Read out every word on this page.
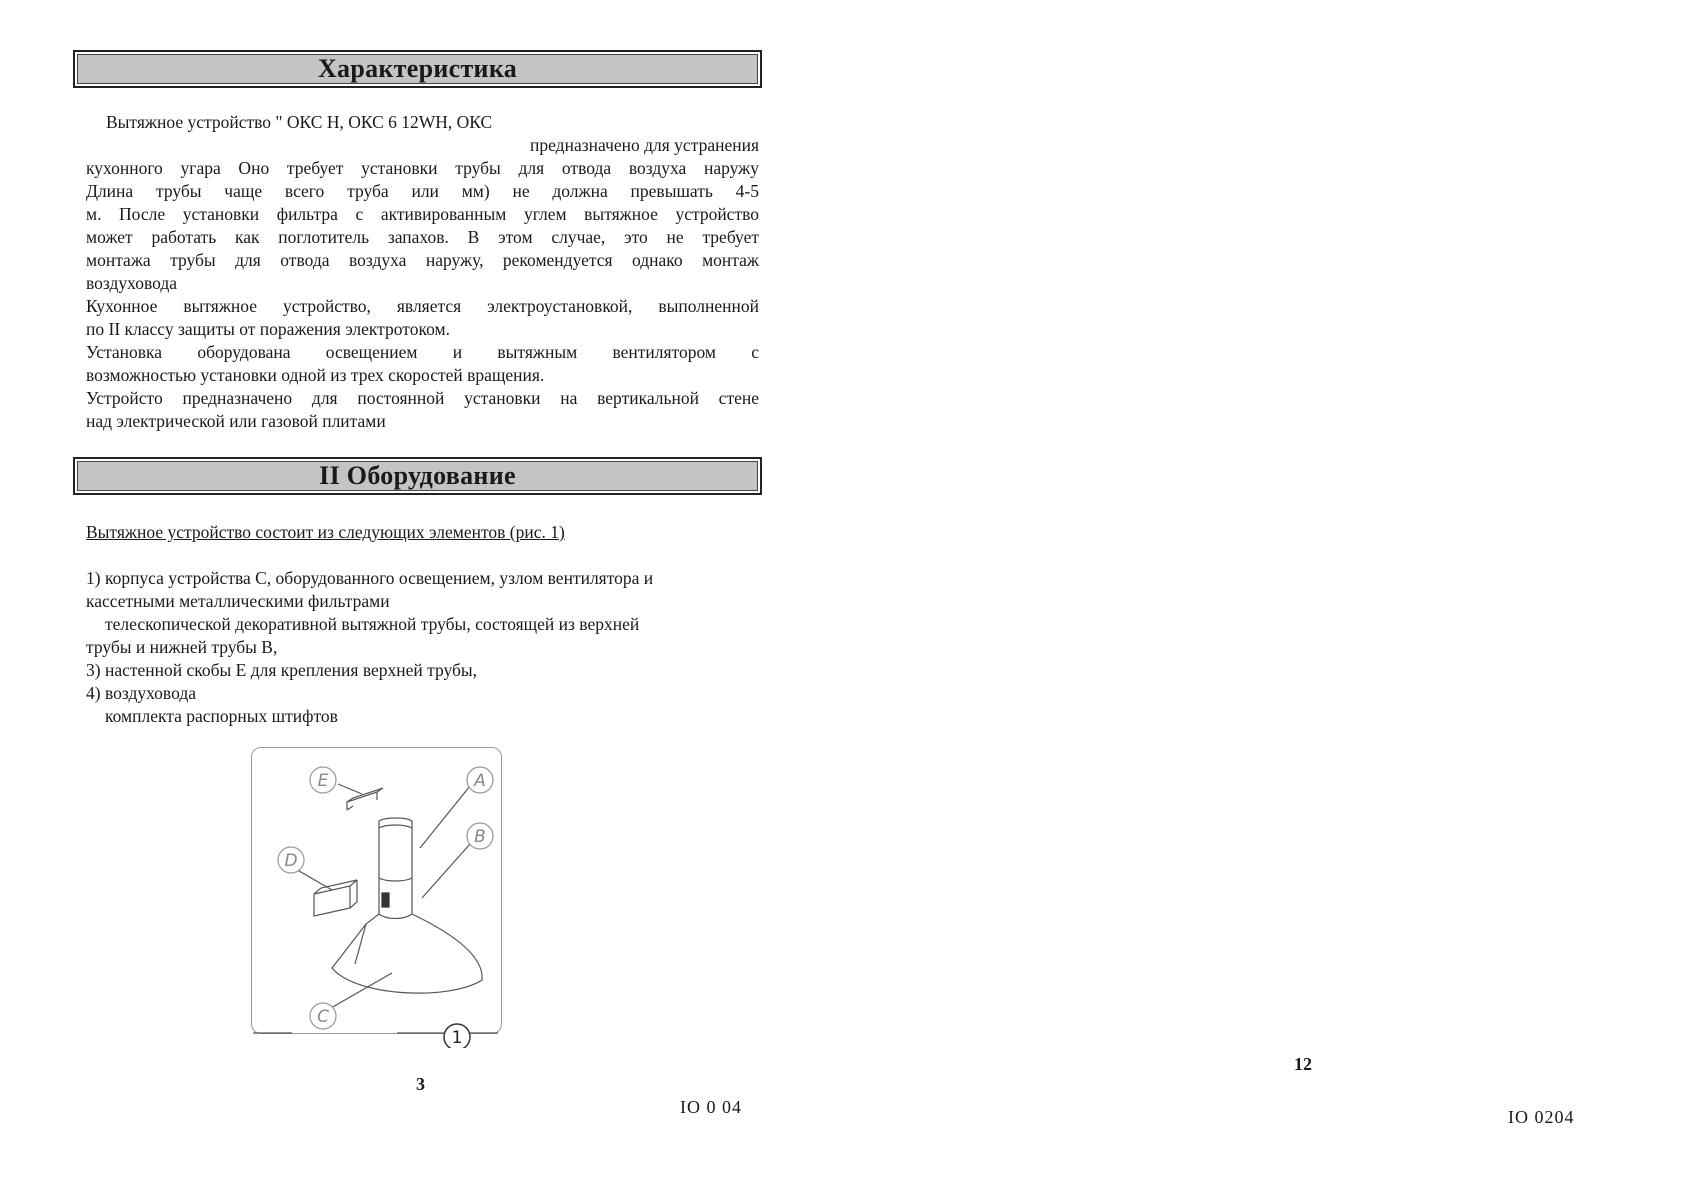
Характеристика
Вытяжное устройство " ОКС Н, ОКС 6 12WH, ОКС
предназначено для устранения
кухонного угара Оно требует установки трубы для отвода воздуха наружу
Длина трубы чаще всего труба или мм) не должна превышать 4-5
м. После установки фильтра с активированным углем вытяжное устройство
может работать как поглотитель запахов. В этом случае, это не требует
монтажа трубы для отвода воздуха наружу, рекомендуется однако монтаж
воздуховода
Кухонное вытяжное устройство, является электроустановкой, выполненной
по II классу защиты от поражения электротоком.
Установка оборудована освещением и вытяжным вентилятором с
возможностью установки одной из трех скоростей вращения.
Устройсто предназначено для постоянной установки на вертикальной стене
над электрической или газовой плитами
II Оборудование
Вытяжное устройство состоит из следующих элементов (рис. 1)
1) корпуса устройства C, оборудованного освещением, узлом вентилятора и
кассетными металлическими фильтрами
телескопической декоративной вытяжной трубы, состоящей из верхней
трубы и нижней трубы B,
3) настенной скобы E для крепления верхней трубы,
4) воздуховода
комплекта распорных штифтов
E	A
D
B
C
1
3
IO 0 04
12
IO 0204
